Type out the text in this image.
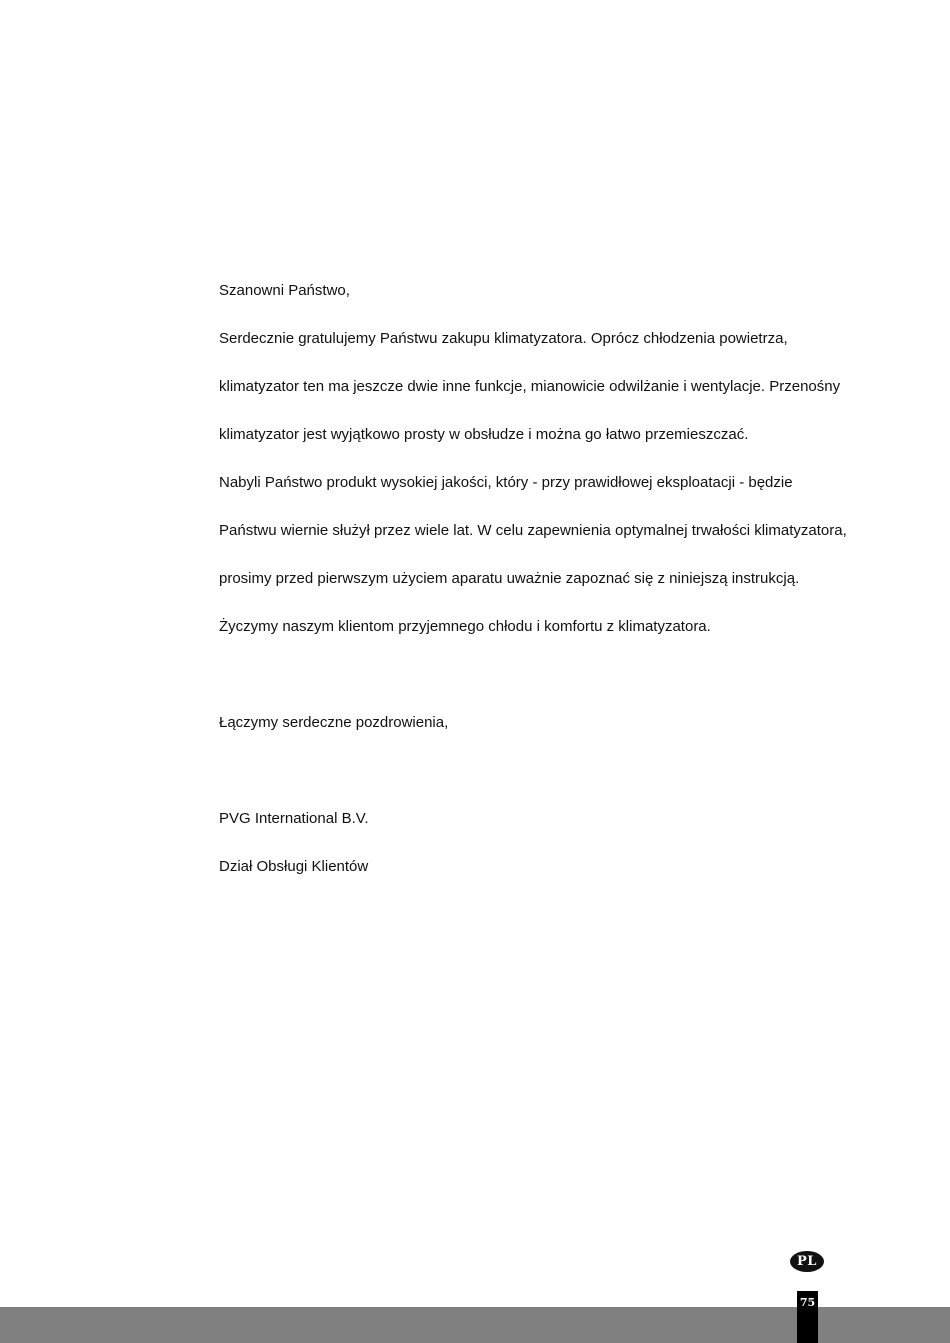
Szanowni Państwo,

Serdecznie gratulujemy Państwu zakupu klimatyzatora. Oprócz chłodzenia powietrza,

klimatyzator ten ma jeszcze dwie inne funkcje, mianowicie odwilżanie i wentylacje. Przenośny

klimatyzator jest wyjątkowo prosty w obsłudze i można go łatwo przemieszczać.

Nabyli Państwo produkt wysokiej jakości, który - przy prawidłowej eksploatacji - będzie

Państwu wiernie służył przez wiele lat. W celu zapewnienia optymalnej trwałości klimatyzatora,

prosimy przed pierwszym użyciem aparatu uważnie zapoznać się z niniejszą instrukcją.

Życzymy naszym klientom przyjemnego chłodu i komfortu z klimatyzatora.

Łączymy serdeczne pozdrowienia,

PVG International B.V.

Dział Obsługi Klientów

PL
75
